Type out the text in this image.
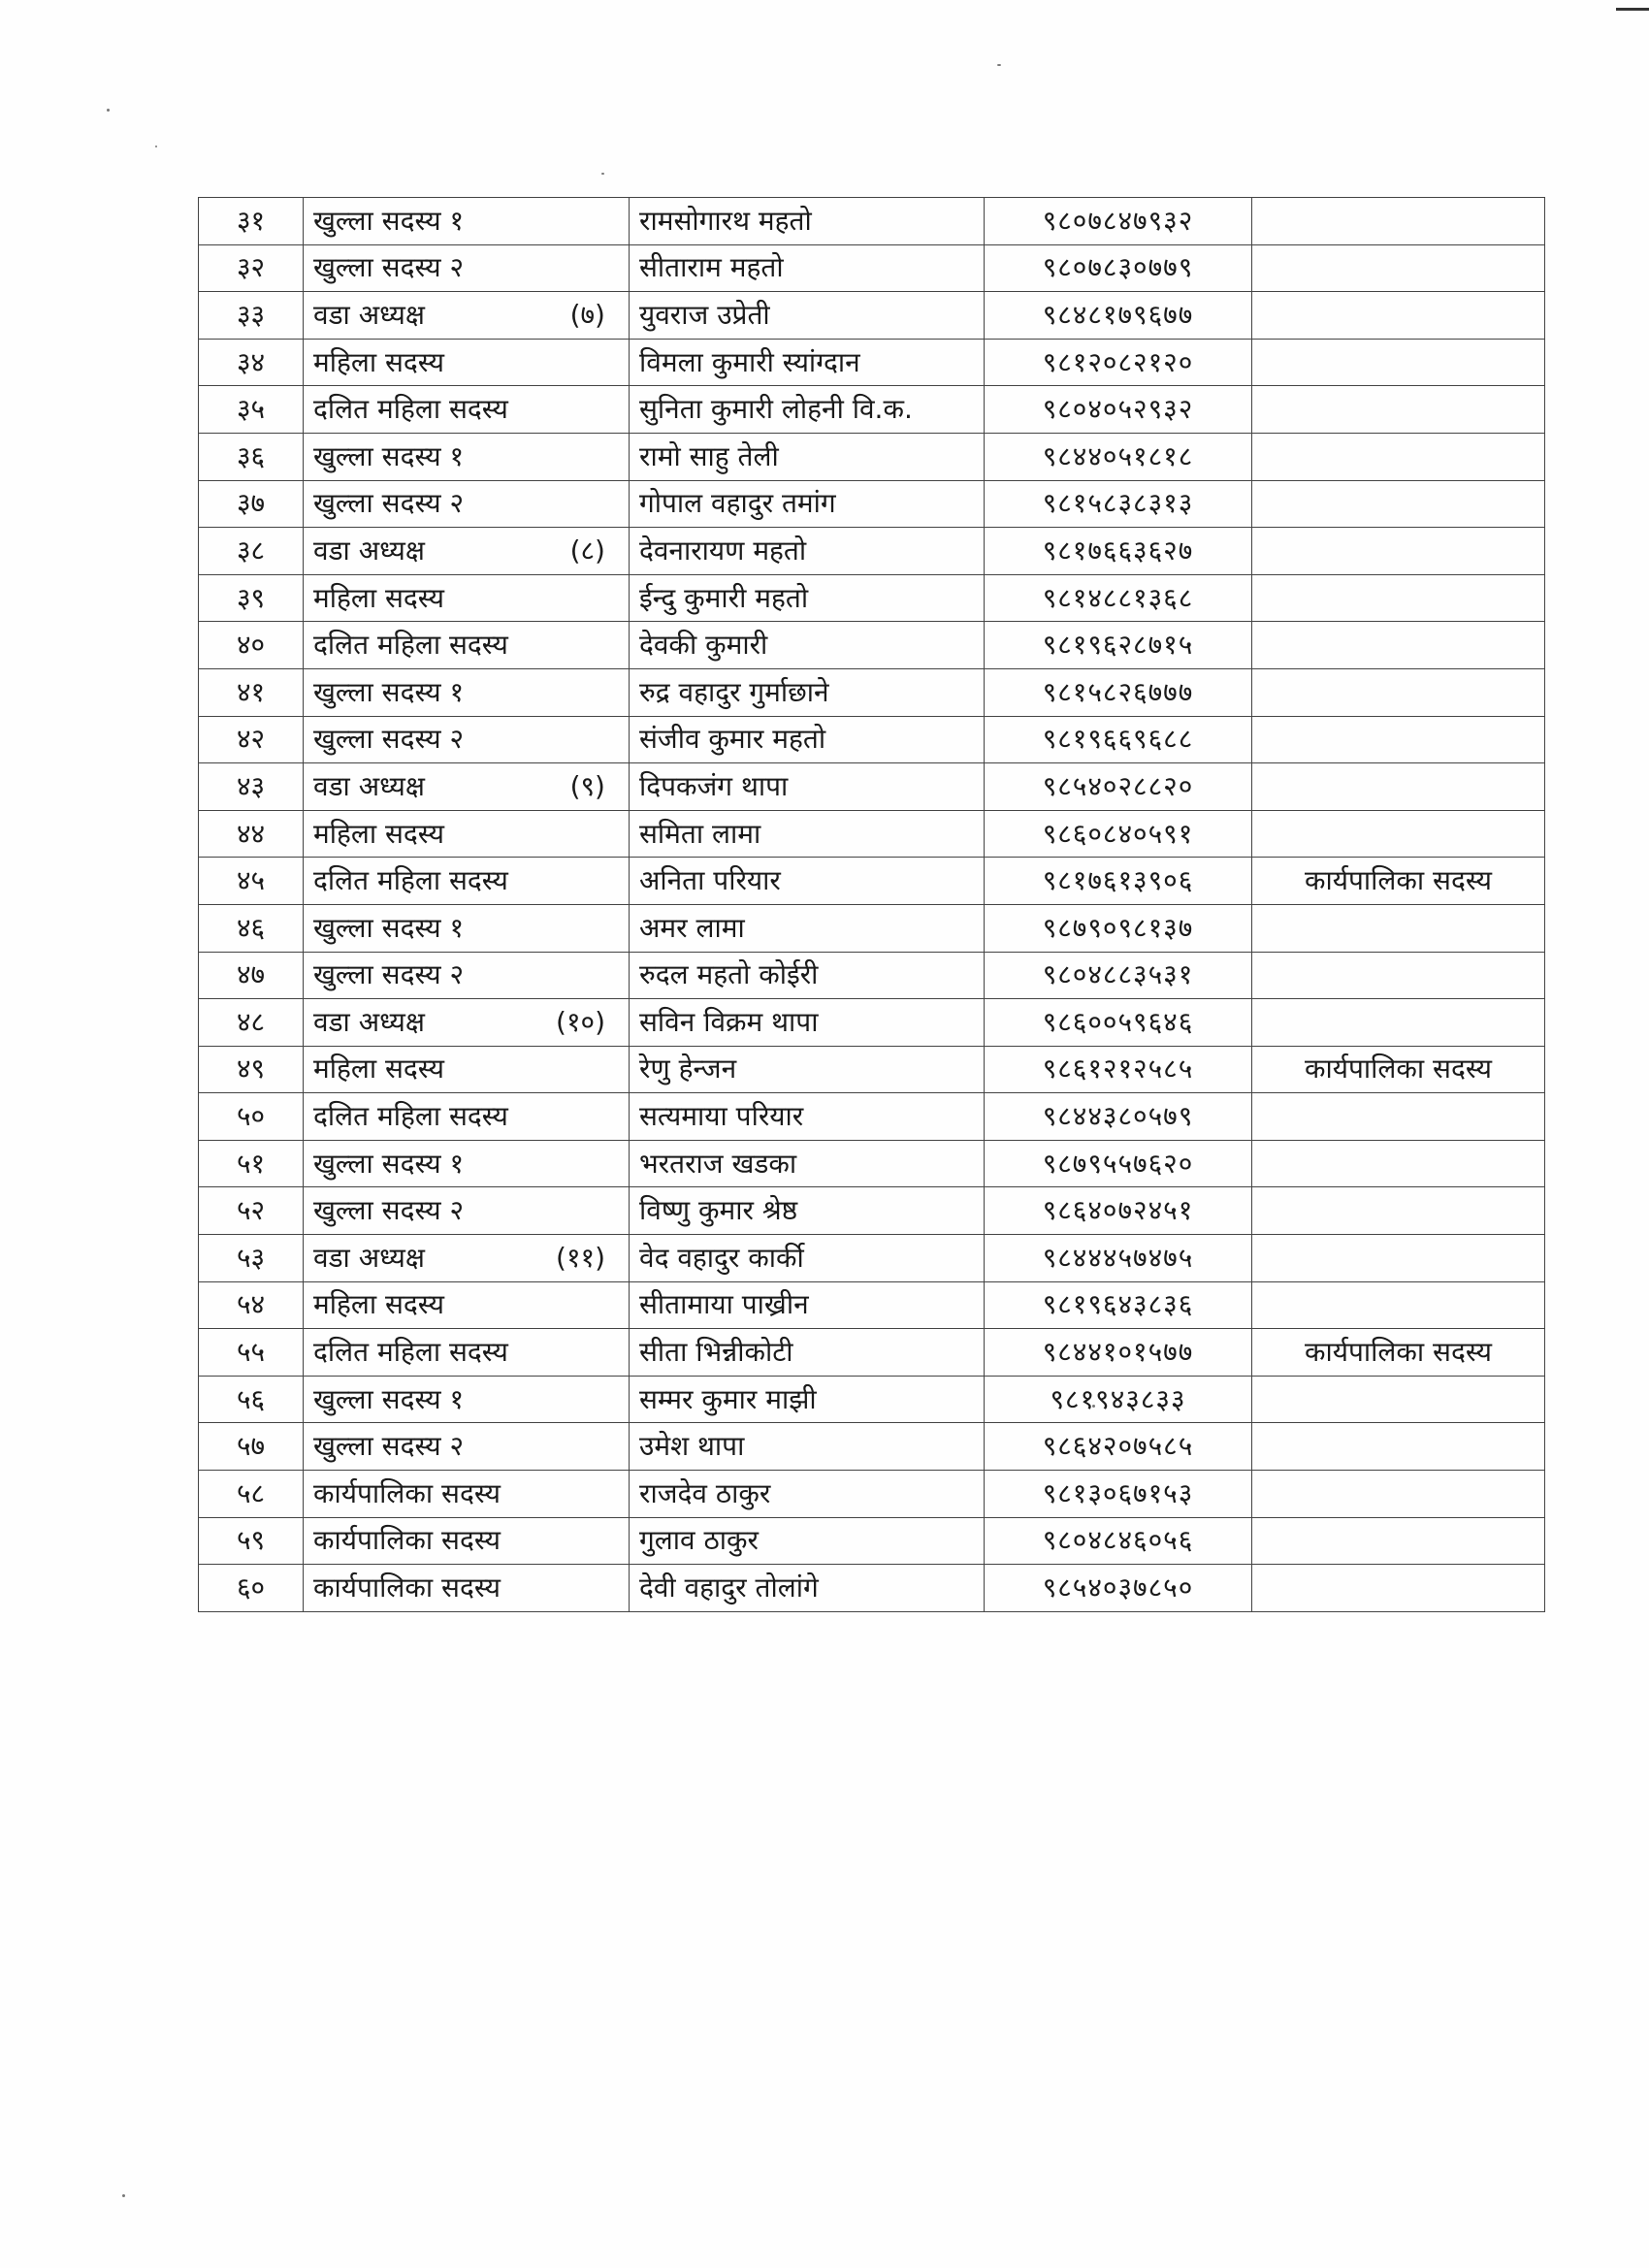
३१	खुल्ला सदस्य १	रामसोगारथ महतो	९८०७८४७९३२	
३२	खुल्ला सदस्य २	सीताराम महतो	९८०७८३०७७९	
३३	वडा अध्यक्ष (७)	युवराज उप्रेती	९८४८१७९६७७	
३४	महिला सदस्य	विमला कुमारी स्यांग्दान	९८१२०८२१२०	
३५	दलित महिला सदस्य	सुनिता कुमारी लोहनी वि.क.	९८०४०५२९३२	
३६	खुल्ला सदस्य १	रामो साहु तेली	९८४४०५१८१८	
३७	खुल्ला सदस्य २	गोपाल वहादुर तमांग	९८१५८३८३१३	
३८	वडा अध्यक्ष (८)	देवनारायण महतो	९८१७६६३६२७	
३९	महिला सदस्य	ईन्दु कुमारी महतो	९८१४८८१३६८	
४०	दलित महिला सदस्य	देवकी कुमारी	९८१९६२८७१५	
४१	खुल्ला सदस्य १	रुद्र वहादुर गुर्माछाने	९८१५८२६७७७	
४२	खुल्ला सदस्य २	संजीव कुमार महतो	९८१९६६९६८८	
४३	वडा अध्यक्ष (९)	दिपकजंग थापा	९८५४०२८८२०	
४४	महिला सदस्य	समिता लामा	९८६०८४०५९१	
४५	दलित महिला सदस्य	अनिता परियार	९८१७६१३९०६	कार्यपालिका सदस्य
४६	खुल्ला सदस्य १	अमर लामा	९८७९०९८१३७	
४७	खुल्ला सदस्य २	रुदल महतो कोईरी	९८०४८८३५३१	
४८	वडा अध्यक्ष (१०)	सविन विक्रम थापा	९८६००५९६४६	
४९	महिला सदस्य	रेणु हेन्जन	९८६१२१२५८५	कार्यपालिका सदस्य
५०	दलित महिला सदस्य	सत्यमाया परियार	९८४४३८०५७९	
५१	खुल्ला सदस्य १	भरतराज खडका	९८७९५५७६२०	
५२	खुल्ला सदस्य २	विष्णु कुमार श्रेष्ठ	९८६४०७२४५१	
५३	वडा अध्यक्ष (११)	वेद वहादुर कार्की	९८४४४५७४७५	
५४	महिला सदस्य	सीतामाया पाख्रीन	९८१९६४३८३६	
५५	दलित महिला सदस्य	सीता भिन्नीकोटी	९८४४१०१५७७	कार्यपालिका सदस्य
५६	खुल्ला सदस्य १	सम्मर कुमार माझी	९८१९४३८३३	
५७	खुल्ला सदस्य २	उमेश थापा	९८६४२०७५८५	
५८	कार्यपालिका सदस्य	राजदेव ठाकुर	९८१३०६७१५३	
५९	कार्यपालिका सदस्य	गुलाव ठाकुर	९८०४८४६०५६	
६०	कार्यपालिका सदस्य	देवी वहादुर तोलांगे	९८५४०३७८५०	
